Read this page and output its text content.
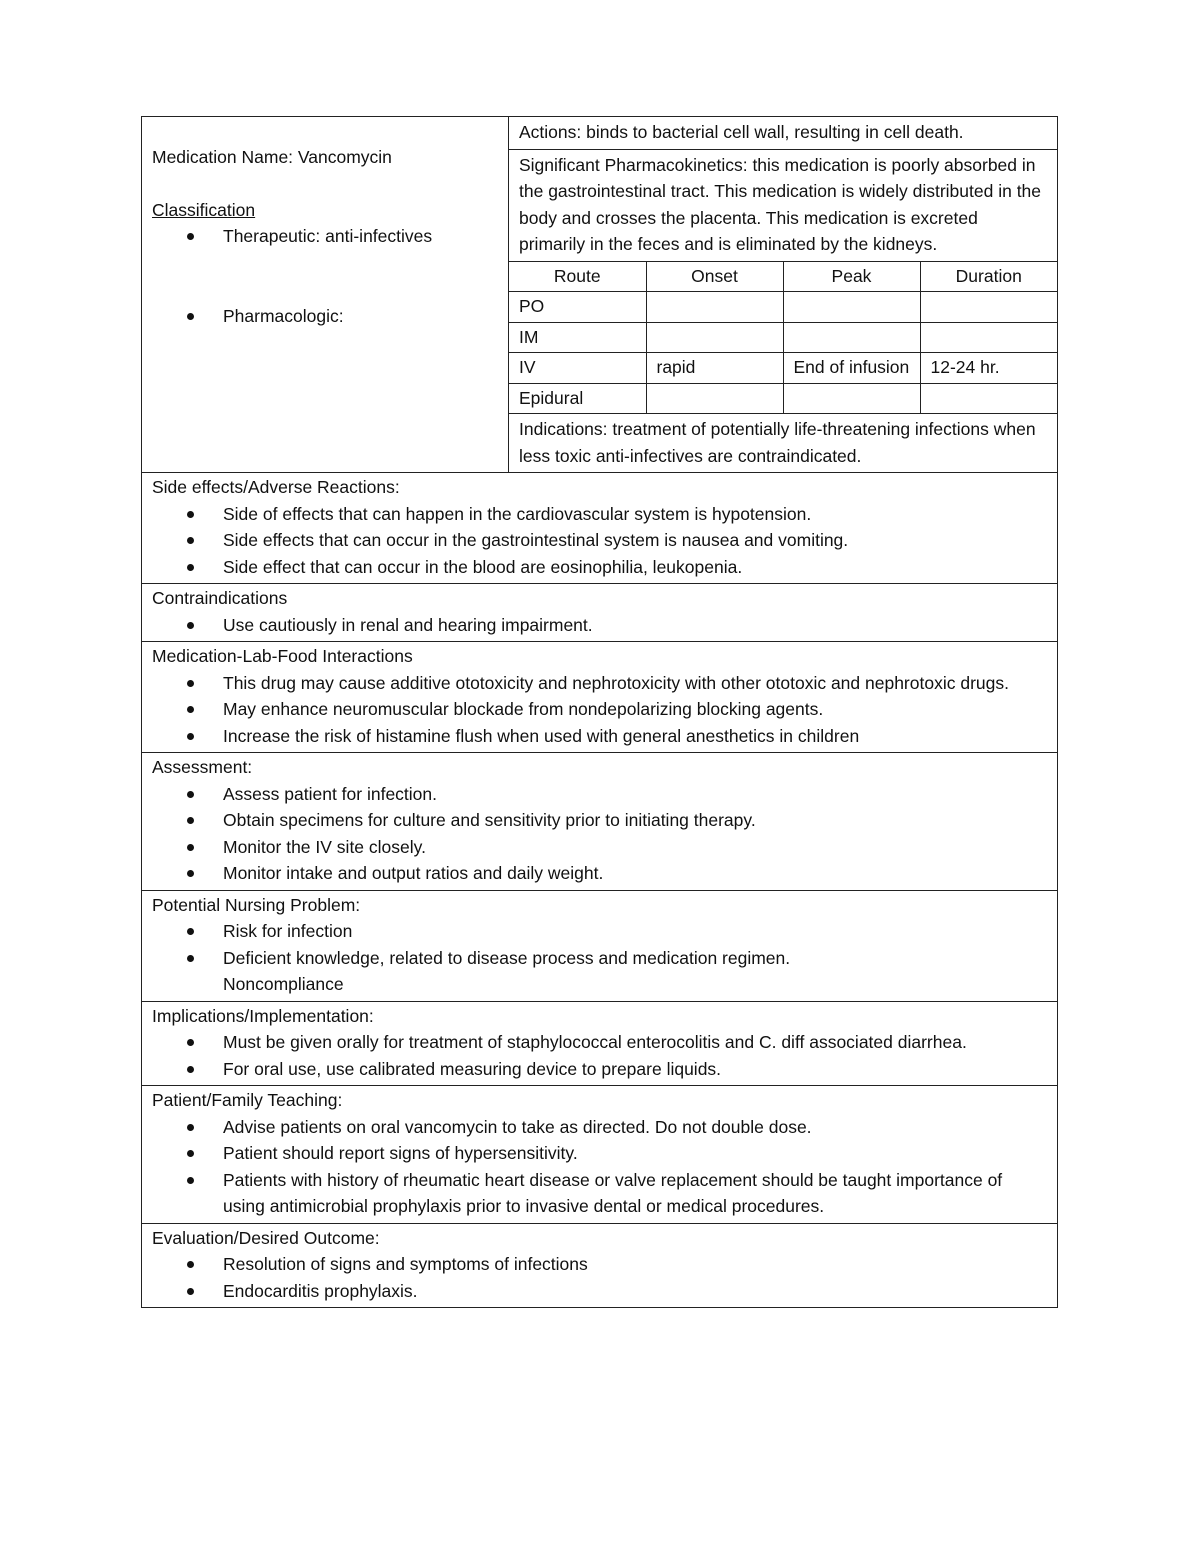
Medication Name: Vancomycin
Classification
Therapeutic: anti-infectives
Pharmacologic:
Actions: binds to bacterial cell wall, resulting in cell death.
Significant Pharmacokinetics: this medication is poorly absorbed in the gastrointestinal tract. This medication is widely distributed in the body and crosses the placenta. This medication is excreted primarily in the feces and is eliminated by the kidneys.
Route	Onset	Peak	Duration
PO			
IM			
IV	rapid	End of infusion	12-24 hr.
Epidural			
Indications: treatment of potentially life-threatening infections when less toxic anti-infectives are contraindicated.
Side effects/Adverse Reactions:
Side of effects that can happen in the cardiovascular system is hypotension.
Side effects that can occur in the gastrointestinal system is nausea and vomiting.
Side effect that can occur in the blood are eosinophilia, leukopenia.
Contraindications
Use cautiously in renal and hearing impairment.
Medication-Lab-Food Interactions
This drug may cause additive ototoxicity and nephrotoxicity with other ototoxic and nephrotoxic drugs.
May enhance neuromuscular blockade from nondepolarizing blocking agents.
Increase the risk of histamine flush when used with general anesthetics in children
Assessment:
Assess patient for infection.
Obtain specimens for culture and sensitivity prior to initiating therapy.
Monitor the IV site closely.
Monitor intake and output ratios and daily weight.
Potential Nursing Problem:
Risk for infection
Deficient knowledge, related to disease process and medication regimen.
Noncompliance
Implications/Implementation:
Must be given orally for treatment of staphylococcal enterocolitis and C. diff associated diarrhea.
For oral use, use calibrated measuring device to prepare liquids.
Patient/Family Teaching:
Advise patients on oral vancomycin to take as directed. Do not double dose.
Patient should report signs of hypersensitivity.
Patients with history of rheumatic heart disease or valve replacement should be taught importance of using antimicrobial prophylaxis prior to invasive dental or medical procedures.
Evaluation/Desired Outcome:
Resolution of signs and symptoms of infections
Endocarditis prophylaxis.
